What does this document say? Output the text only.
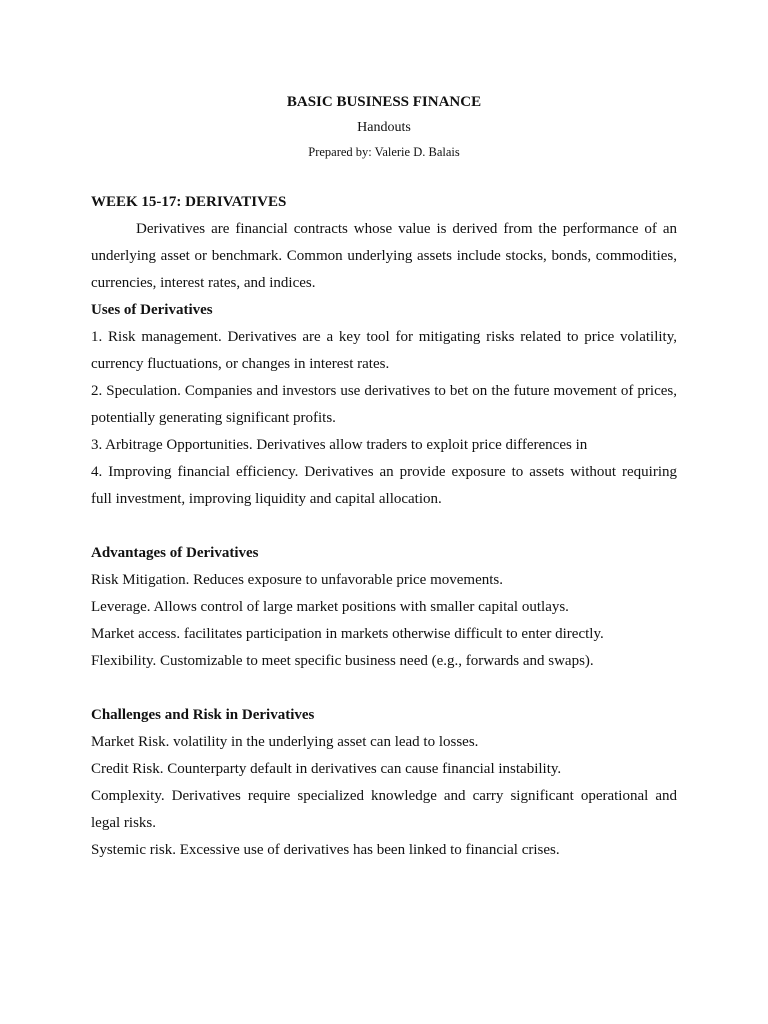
BASIC BUSINESS FINANCE
Handouts
Prepared by: Valerie D. Balais

WEEK 15-17: DERIVATIVES

Derivatives are financial contracts whose value is derived from the performance of an underlying asset or benchmark. Common underlying assets include stocks, bonds, commodities, currencies, interest rates, and indices.

Uses of Derivatives

1. Risk management. Derivatives are a key tool for mitigating risks related to price volatility, currency fluctuations, or changes in interest rates.

2. Speculation. Companies and investors use derivatives to bet on the future movement of prices, potentially generating significant profits.

3. Arbitrage Opportunities. Derivatives allow traders to exploit price differences in

4. Improving financial efficiency. Derivatives an provide exposure to assets without requiring full investment, improving liquidity and capital allocation.

Advantages of Derivatives

Risk Mitigation. Reduces exposure to unfavorable price movements.

Leverage. Allows control of large market positions with smaller capital outlays.

Market access. facilitates participation in markets otherwise difficult to enter directly.

Flexibility. Customizable to meet specific business need (e.g., forwards and swaps).

Challenges and Risk in Derivatives

Market Risk. volatility in the underlying asset can lead to losses.

Credit Risk. Counterparty default in derivatives can cause financial instability.

Complexity. Derivatives require specialized knowledge and carry significant operational and legal risks.

Systemic risk. Excessive use of derivatives has been linked to financial crises.
